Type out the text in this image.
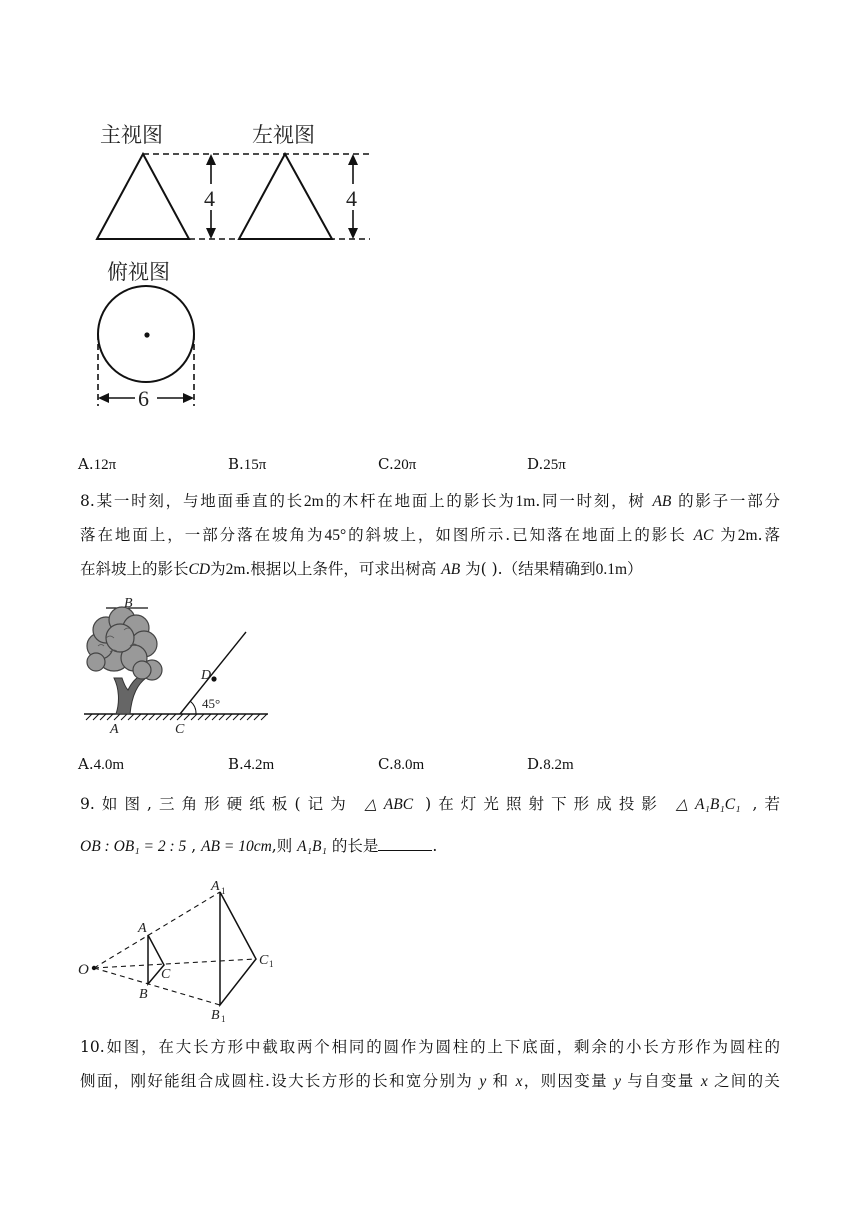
主视图	左视图
4	4
俯视图
6
A.12π	B.15π	C.20π	D.25π
8.某一时刻，与地面垂直的长2m的木杆在地面上的影长为1m.同一时刻，树 AB 的影子一部分
落在地面上，一部分落在坡角为45°的斜坡上，如图所示.已知落在地面上的影长 AC 为2m.落
在斜坡上的影长CD为2m.根据以上条件，可求出树高 AB 为( ).（结果精确到0.1m）
B
D
45°
A	C
A.4.0m	B.4.2m	C.8.0m	D.8.2m
9.如图,三角形硬纸板(记为 △ABC )在灯光照射下形成投影 △A₁B₁C₁ ,若
OB : OB₁ = 2 : 5 , AB = 10cm,则 A₁B₁ 的长是	.
O
A
B
C
A 1
B 1
C 1
10.如图，在大长方形中截取两个相同的圆作为圆柱的上下底面，剩余的小长方形作为圆柱的
侧面，刚好能组合成圆柱.设大长方形的长和宽分别为 y 和 x，则因变量 y 与自变量 x 之间的关
